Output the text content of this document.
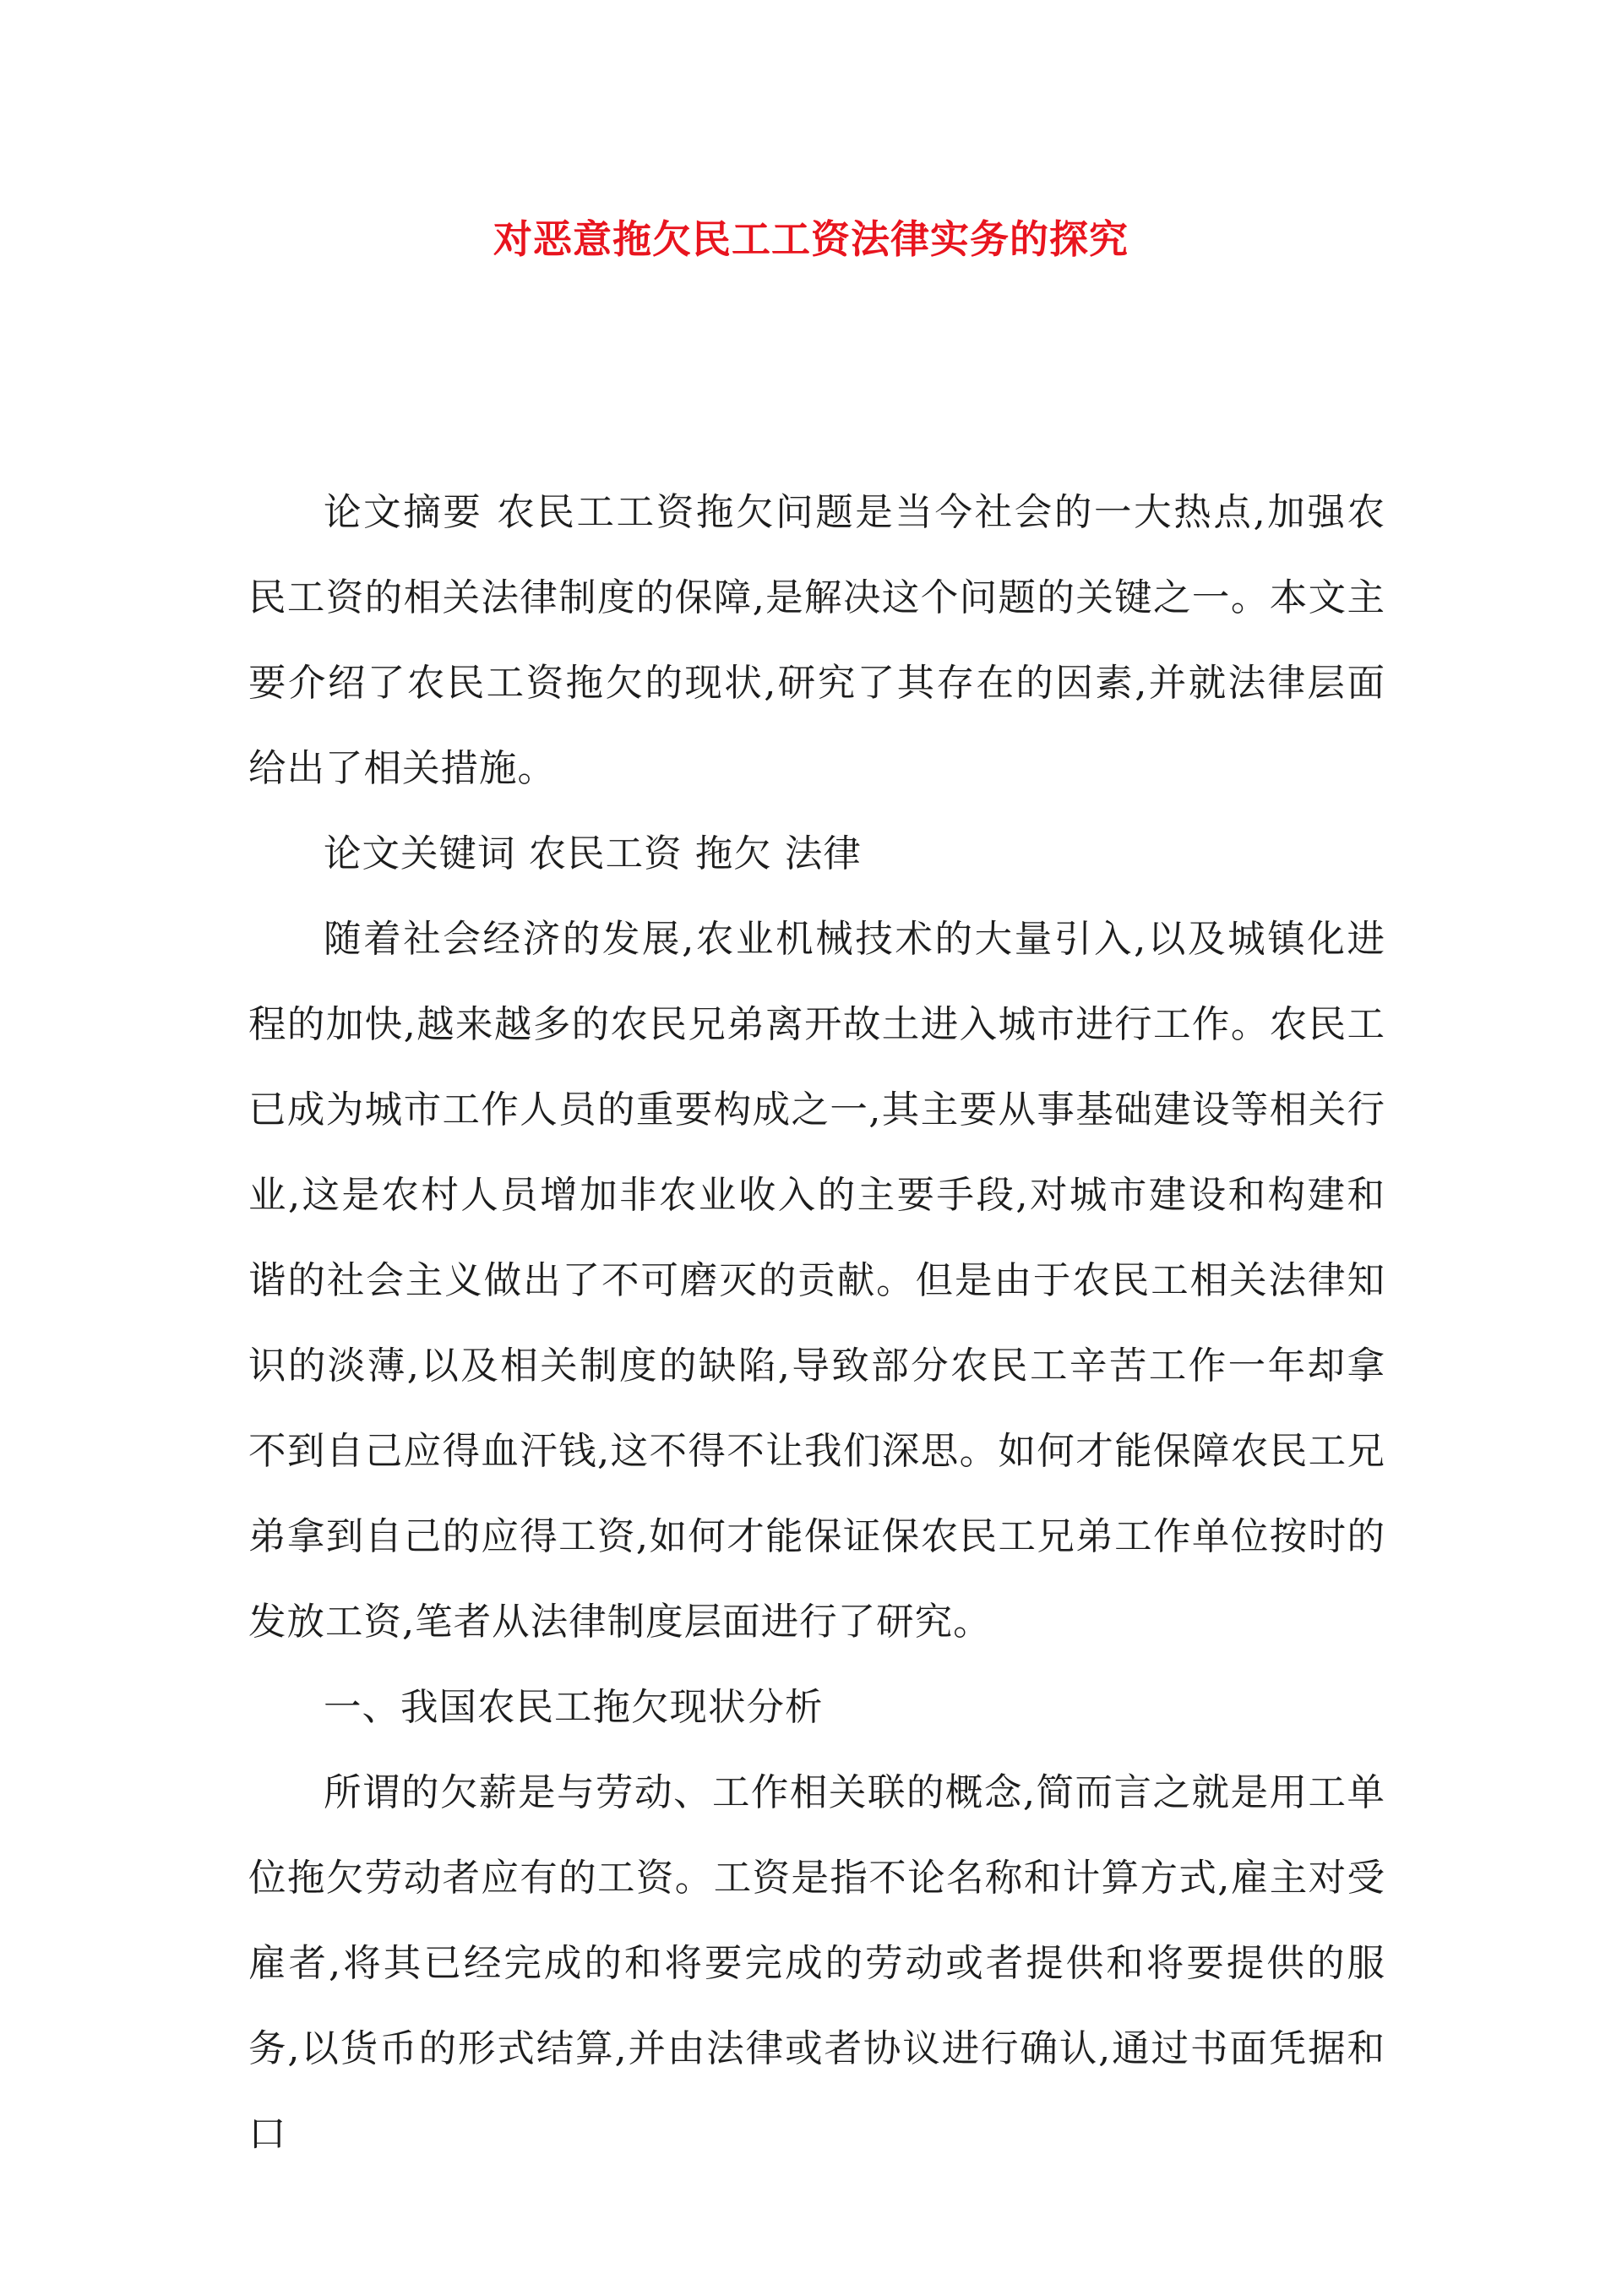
对恶意拖欠民工工资法律实务的探究

论文摘要 农民工工资拖欠问题是当今社会的一大热点,加强农民工资的相关法律制度的保障,是解决这个问题的关键之一。本文主要介绍了农民工资拖欠的现状,研究了其存在的因素,并就法律层面给出了相关措施。

论文关键词 农民工资 拖欠 法律

随着社会经济的发展,农业机械技术的大量引入,以及城镇化进程的加快,越来越多的农民兄弟离开故土进入城市进行工作。农民工已成为城市工作人员的重要构成之一,其主要从事基础建设等相关行业,这是农村人员增加非农业收入的主要手段,对城市建设和构建和谐的社会主义做出了不可磨灭的贡献。但是由于农民工相关法律知识的淡薄,以及相关制度的缺陷,导致部分农民工辛苦工作一年却拿不到自己应得血汗钱,这不得不让我们深思。如何才能保障农民工兄弟拿到自己的应得工资,如何才能保证保农民工兄弟工作单位按时的发放工资,笔者从法律制度层面进行了研究。

一、我国农民工拖欠现状分析

所谓的欠薪是与劳动、工作相关联的概念,简而言之就是用工单位拖欠劳动者应有的工资。工资是指不论名称和计算方式,雇主对受雇者,将其已经完成的和将要完成的劳动或者提供和将要提供的服务,以货币的形式结算,并由法律或者协议进行确认,通过书面凭据和口
